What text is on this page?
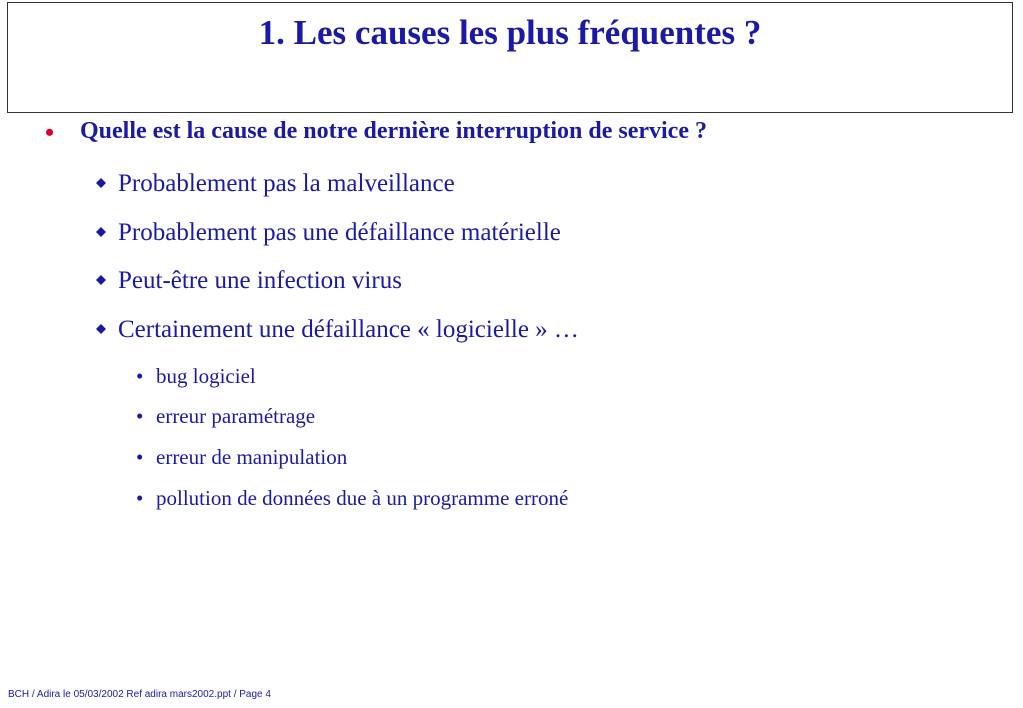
1. Les causes les plus fréquentes ?
• Quelle est la cause de notre dernière interruption de service ?
Probablement pas la malveillance
Probablement pas une défaillance matérielle
Peut-être une infection virus
Certainement une défaillance « logicielle » …
• bug logiciel
• erreur paramétrage
• erreur de manipulation
• pollution de données due à un programme erroné
BCH / Adira le 05/03/2002 Ref adira mars2002.ppt / Page 4
